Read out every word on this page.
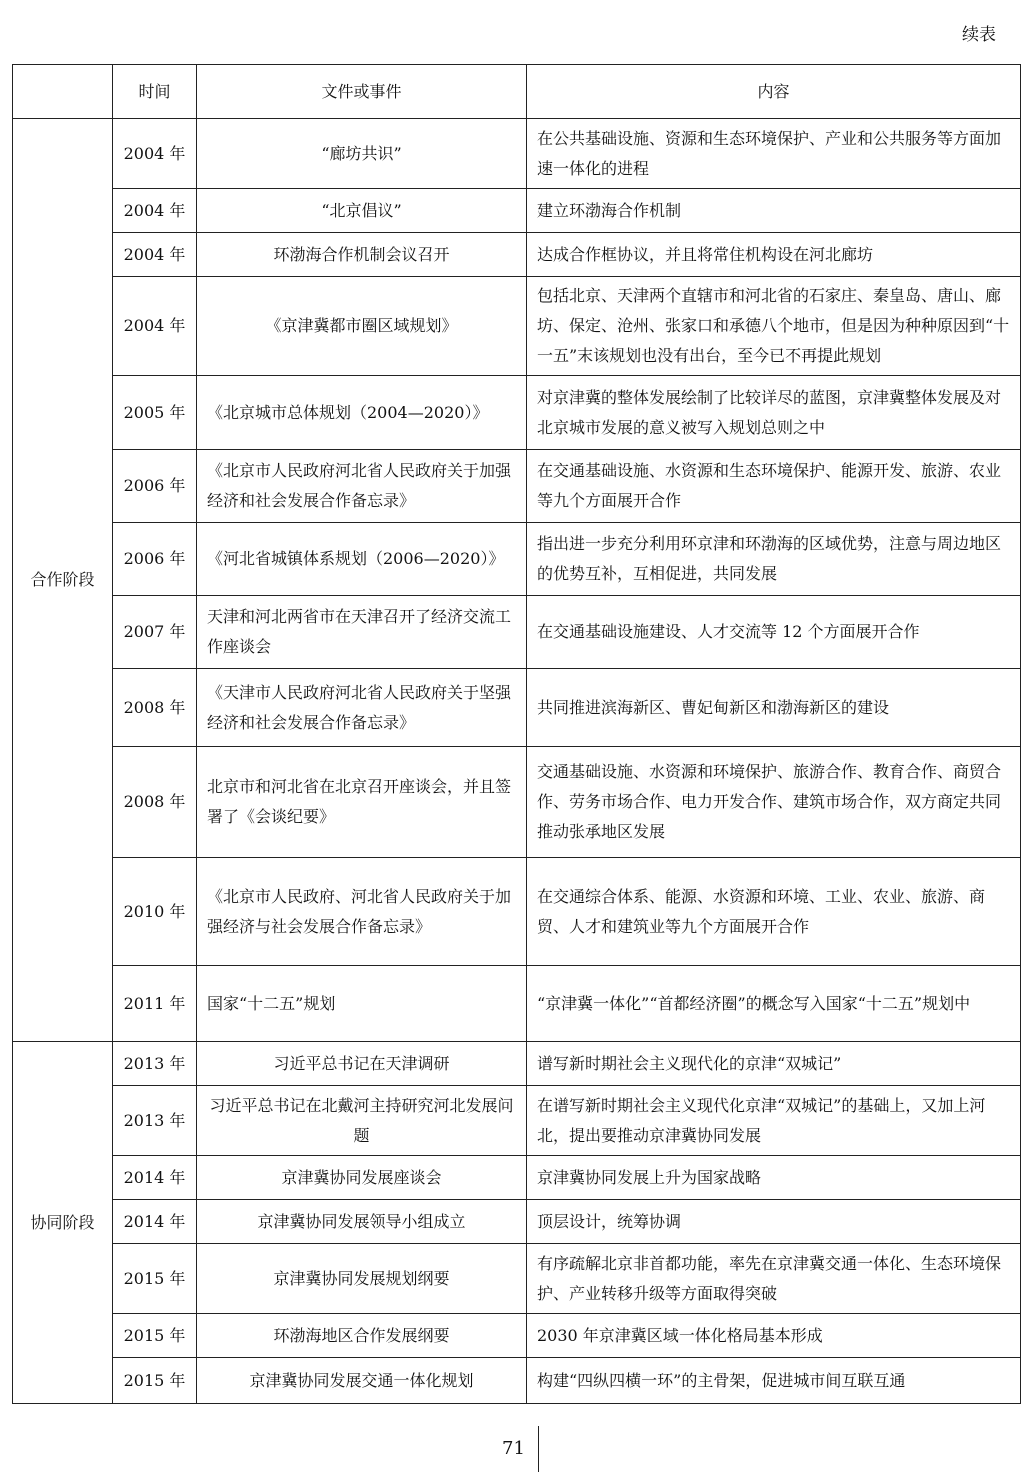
续表
	时间	文件或事件	内容
合作阶段	2004 年	“廊坊共识”	在公共基础设施、资源和生态环境保护、产业和公共服务等方面加速一体化的进程
	2004 年	“北京倡议”	建立环渤海合作机制
	2004 年	环渤海合作机制会议召开	达成合作框协议，并且将常住机构设在河北廊坊
	2004 年	《京津冀都市圈区域规划》	包括北京、天津两个直辖市和河北省的石家庄、秦皇岛、唐山、廊坊、保定、沧州、张家口和承德八个地市，但是因为种种原因到“十一五”末该规划也没有出台，至今已不再提此规划
	2005 年	《北京城市总体规划（2004—2020）》	对京津冀的整体发展绘制了比较详尽的蓝图，京津冀整体发展及对北京城市发展的意义被写入规划总则之中
	2006 年	《北京市人民政府河北省人民政府关于加强经济和社会发展合作备忘录》	在交通基础设施、水资源和生态环境保护、能源开发、旅游、农业等九个方面展开合作
	2006 年	《河北省城镇体系规划（2006—2020）》	指出进一步充分利用环京津和环渤海的区域优势，注意与周边地区的优势互补，互相促进，共同发展
	2007 年	天津和河北两省市在天津召开了经济交流工作座谈会	在交通基础设施建设、人才交流等 12 个方面展开合作
	2008 年	《天津市人民政府河北省人民政府关于坚强经济和社会发展合作备忘录》	共同推进滨海新区、曹妃甸新区和渤海新区的建设
	2008 年	北京市和河北省在北京召开座谈会，并且签署了《会谈纪要》	交通基础设施、水资源和环境保护、旅游合作、教育合作、商贸合作、劳务市场合作、电力开发合作、建筑市场合作，双方商定共同推动张承地区发展
	2010 年	《北京市人民政府、河北省人民政府关于加强经济与社会发展合作备忘录》	在交通综合体系、能源、水资源和环境、工业、农业、旅游、商贸、人才和建筑业等九个方面展开合作
	2011 年	国家“十二五”规划	“京津冀一体化”“首都经济圈”的概念写入国家“十二五”规划中
协同阶段	2013 年	习近平总书记在天津调研	谱写新时期社会主义现代化的京津“双城记”
	2013 年	习近平总书记在北戴河主持研究河北发展问题	在谱写新时期社会主义现代化京津“双城记”的基础上，又加上河北，提出要推动京津冀协同发展
	2014 年	京津冀协同发展座谈会	京津冀协同发展上升为国家战略
	2014 年	京津冀协同发展领导小组成立	顶层设计，统筹协调
	2015 年	京津冀协同发展规划纲要	有序疏解北京非首都功能，率先在京津冀交通一体化、生态环境保护、产业转移升级等方面取得突破
	2015 年	环渤海地区合作发展纲要	2030 年京津冀区域一体化格局基本形成
	2015 年	京津冀协同发展交通一体化规划	构建“四纵四横一环”的主骨架，促进城市间互联互通
71
